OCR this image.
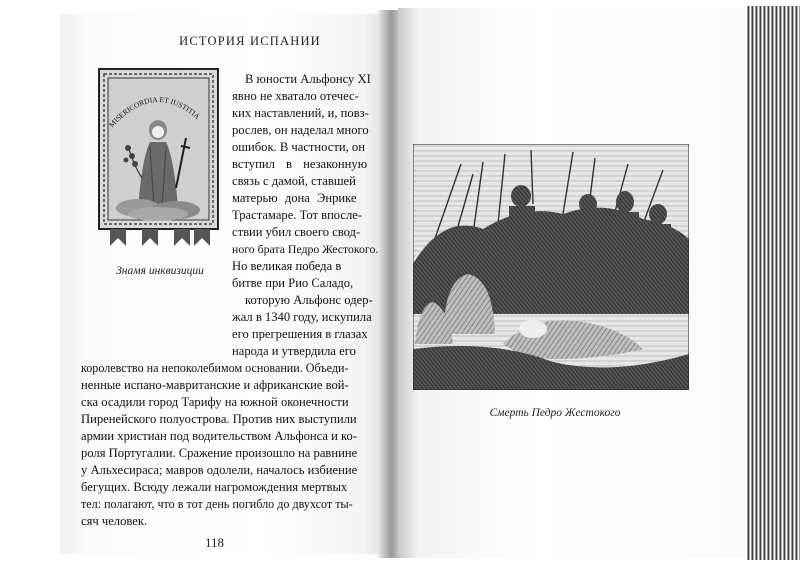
ИСТОРИЯ ИСПАНИИ
MISERICORDIA ET IUSTITIA
Знамя инквизиции
В юности Альфонсу XI
явно не хватало отечес-
ких наставлений, и, повз-
рослев, он наделал много
ошибок. В частности, он
вступил в незаконную
связь с дамой, ставшей
матерью дона Энрике
Трастамаре. Тот впосле-
ствии убил своего свод-
ного брата Педро Жестокого.
Но великая победа в
битве при Рио Саладо,
которую Альфонс одер-
жал в 1340 году, искупила
его прегрешения в глазах
народа и утвердила его
королевство на непоколебимом основании. Объеди-
ненные испано-мавританские и африканские вой-
ска осадили город Тарифу на южной оконечности
Пиренейского полуострова. Против них выступили
армии христиан под водительством Альфонса и ко-
роля Португалии. Сражение произошло на равнине
у Альхесираса; мавров одолели, началось избиение
бегущих. Всюду лежали нагромождения мертвых
тел: полагают, что в тот день погибло до двухсот ты-
сяч человек.
118
Смерть Педро Жестокого
